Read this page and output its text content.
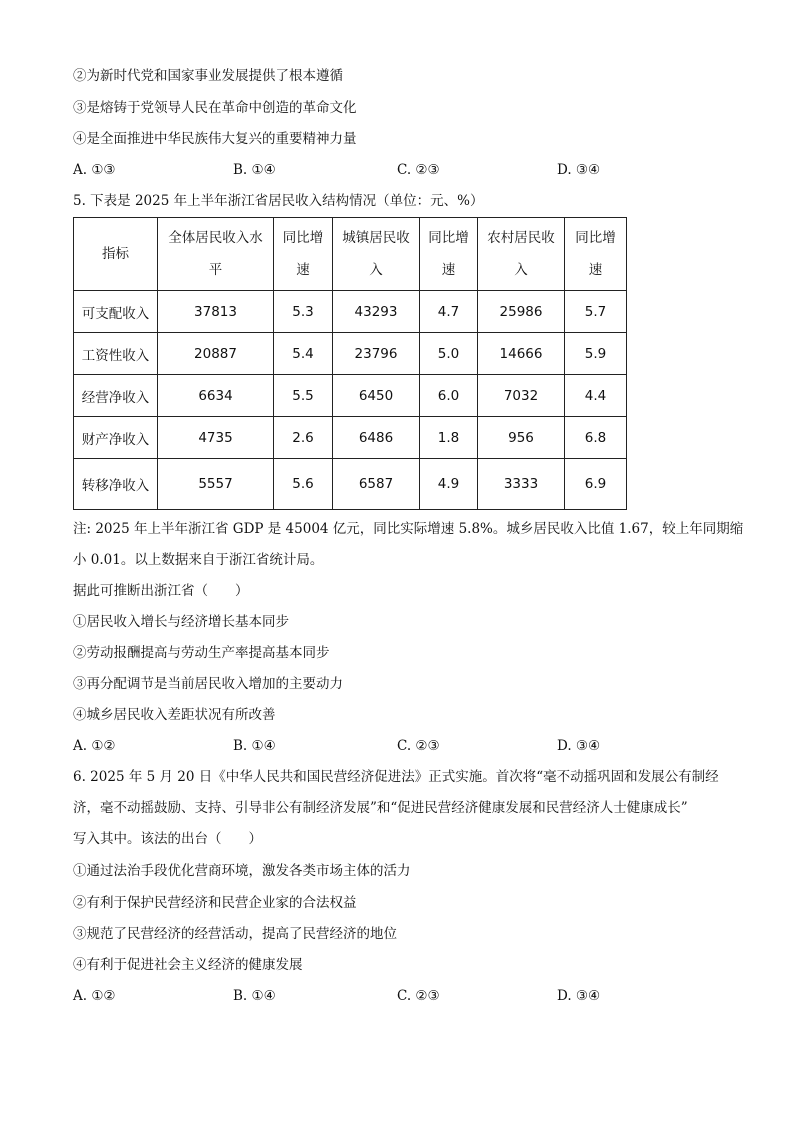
②为新时代党和国家事业发展提供了根本遵循
③是熔铸于党领导人民在革命中创造的革命文化
④是全面推进中华民族伟大复兴的重要精神力量
A. ①③	B. ①④	C. ②③	D. ③④
5. 下表是 2025 年上半年浙江省居民收入结构情况（单位：元、%）
指标	全体居民收入水平	同比增速	城镇居民收入	同比增速	农村居民收入	同比增速
可支配收入	37813	5.3	43293	4.7	25986	5.7
工资性收入	20887	5.4	23796	5.0	14666	5.9
经营净收入	6634	5.5	6450	6.0	7032	4.4
财产净收入	4735	2.6	6486	1.8	956	6.8
转移净收入	5557	5.6	6587	4.9	3333	6.9
注: 2025 年上半年浙江省 GDP 是 45004 亿元，同比实际增速 5.8%。城乡居民收入比值 1.67，较上年同期缩
小 0.01。以上数据来自于浙江省统计局。
据此可推断出浙江省（　　）
①居民收入增长与经济增长基本同步
②劳动报酬提高与劳动生产率提高基本同步
③再分配调节是当前居民收入增加的主要动力
④城乡居民收入差距状况有所改善
A. ①②	B. ①④	C. ②③	D. ③④
6. 2025 年 5 月 20 日《中华人民共和国民营经济促进法》正式实施。首次将“毫不动摇巩固和发展公有制经
济，毫不动摇鼓励、支持、引导非公有制经济发展”和“促进民营经济健康发展和民营经济人士健康成长”
写入其中。该法的出台（　　）
①通过法治手段优化营商环境，激发各类市场主体的活力
②有利于保护民营经济和民营企业家的合法权益
③规范了民营经济的经营活动，提高了民营经济的地位
④有利于促进社会主义经济的健康发展
A. ①②	B. ①④	C. ②③	D. ③④
